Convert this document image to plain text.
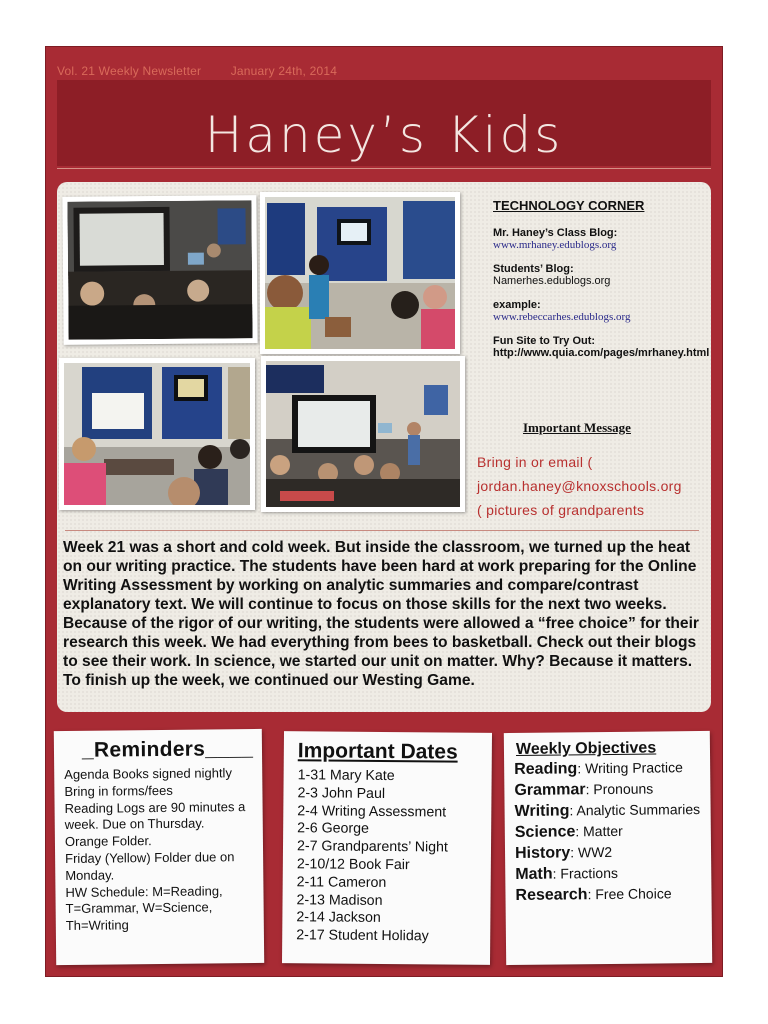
Vol. 21 Weekly Newsletter January 24th, 2014
Haney’s Kids
TECHNOLOGY CORNER
Mr. Haney’s Class Blog:
www.mrhaney.edublogs.org
Students’ Blog:
Namerhes.edublogs.org
example:
www.rebeccarhes.edublogs.org
Fun Site to Try Out:
http://www.quia.com/pages/mrhaney.html
Important Message
Bring in or email (
jordan.haney@knoxschools.org
( pictures of grandparents
Week 21 was a short and cold week. But inside the classroom, we turned up the heat on our writing practice. The students have been hard at work preparing for the Online Writing Assessment by working on analytic summaries and compare/contrast explanatory text. We will continue to focus on those skills for the next two weeks. Because of the rigor of our writing, the students were allowed a “free choice” for their research this week. We had everything from bees to basketball. Check out their blogs to see their work. In science, we started our unit on matter. Why? Because it matters. To finish up the week, we continued our Westing Game.
_Reminders____
Agenda Books signed nightly
Bring in forms/fees
Reading Logs are 90 minutes a week. Due on Thursday.
Orange Folder.
Friday (Yellow) Folder due on Monday.
HW Schedule: M=Reading, T=Grammar, W=Science, Th=Writing
Important Dates
1-31 Mary Kate
2-3 John Paul
2-4 Writing Assessment
2-6 George
2-7 Grandparents’ Night
2-10/12 Book Fair
2-11 Cameron
2-13 Madison
2-14 Jackson
2-17 Student Holiday
Weekly Objectives
Reading: Writing Practice
Grammar: Pronouns
Writing: Analytic Summaries
Science: Matter
History: WW2
Math: Fractions
Research: Free Choice
